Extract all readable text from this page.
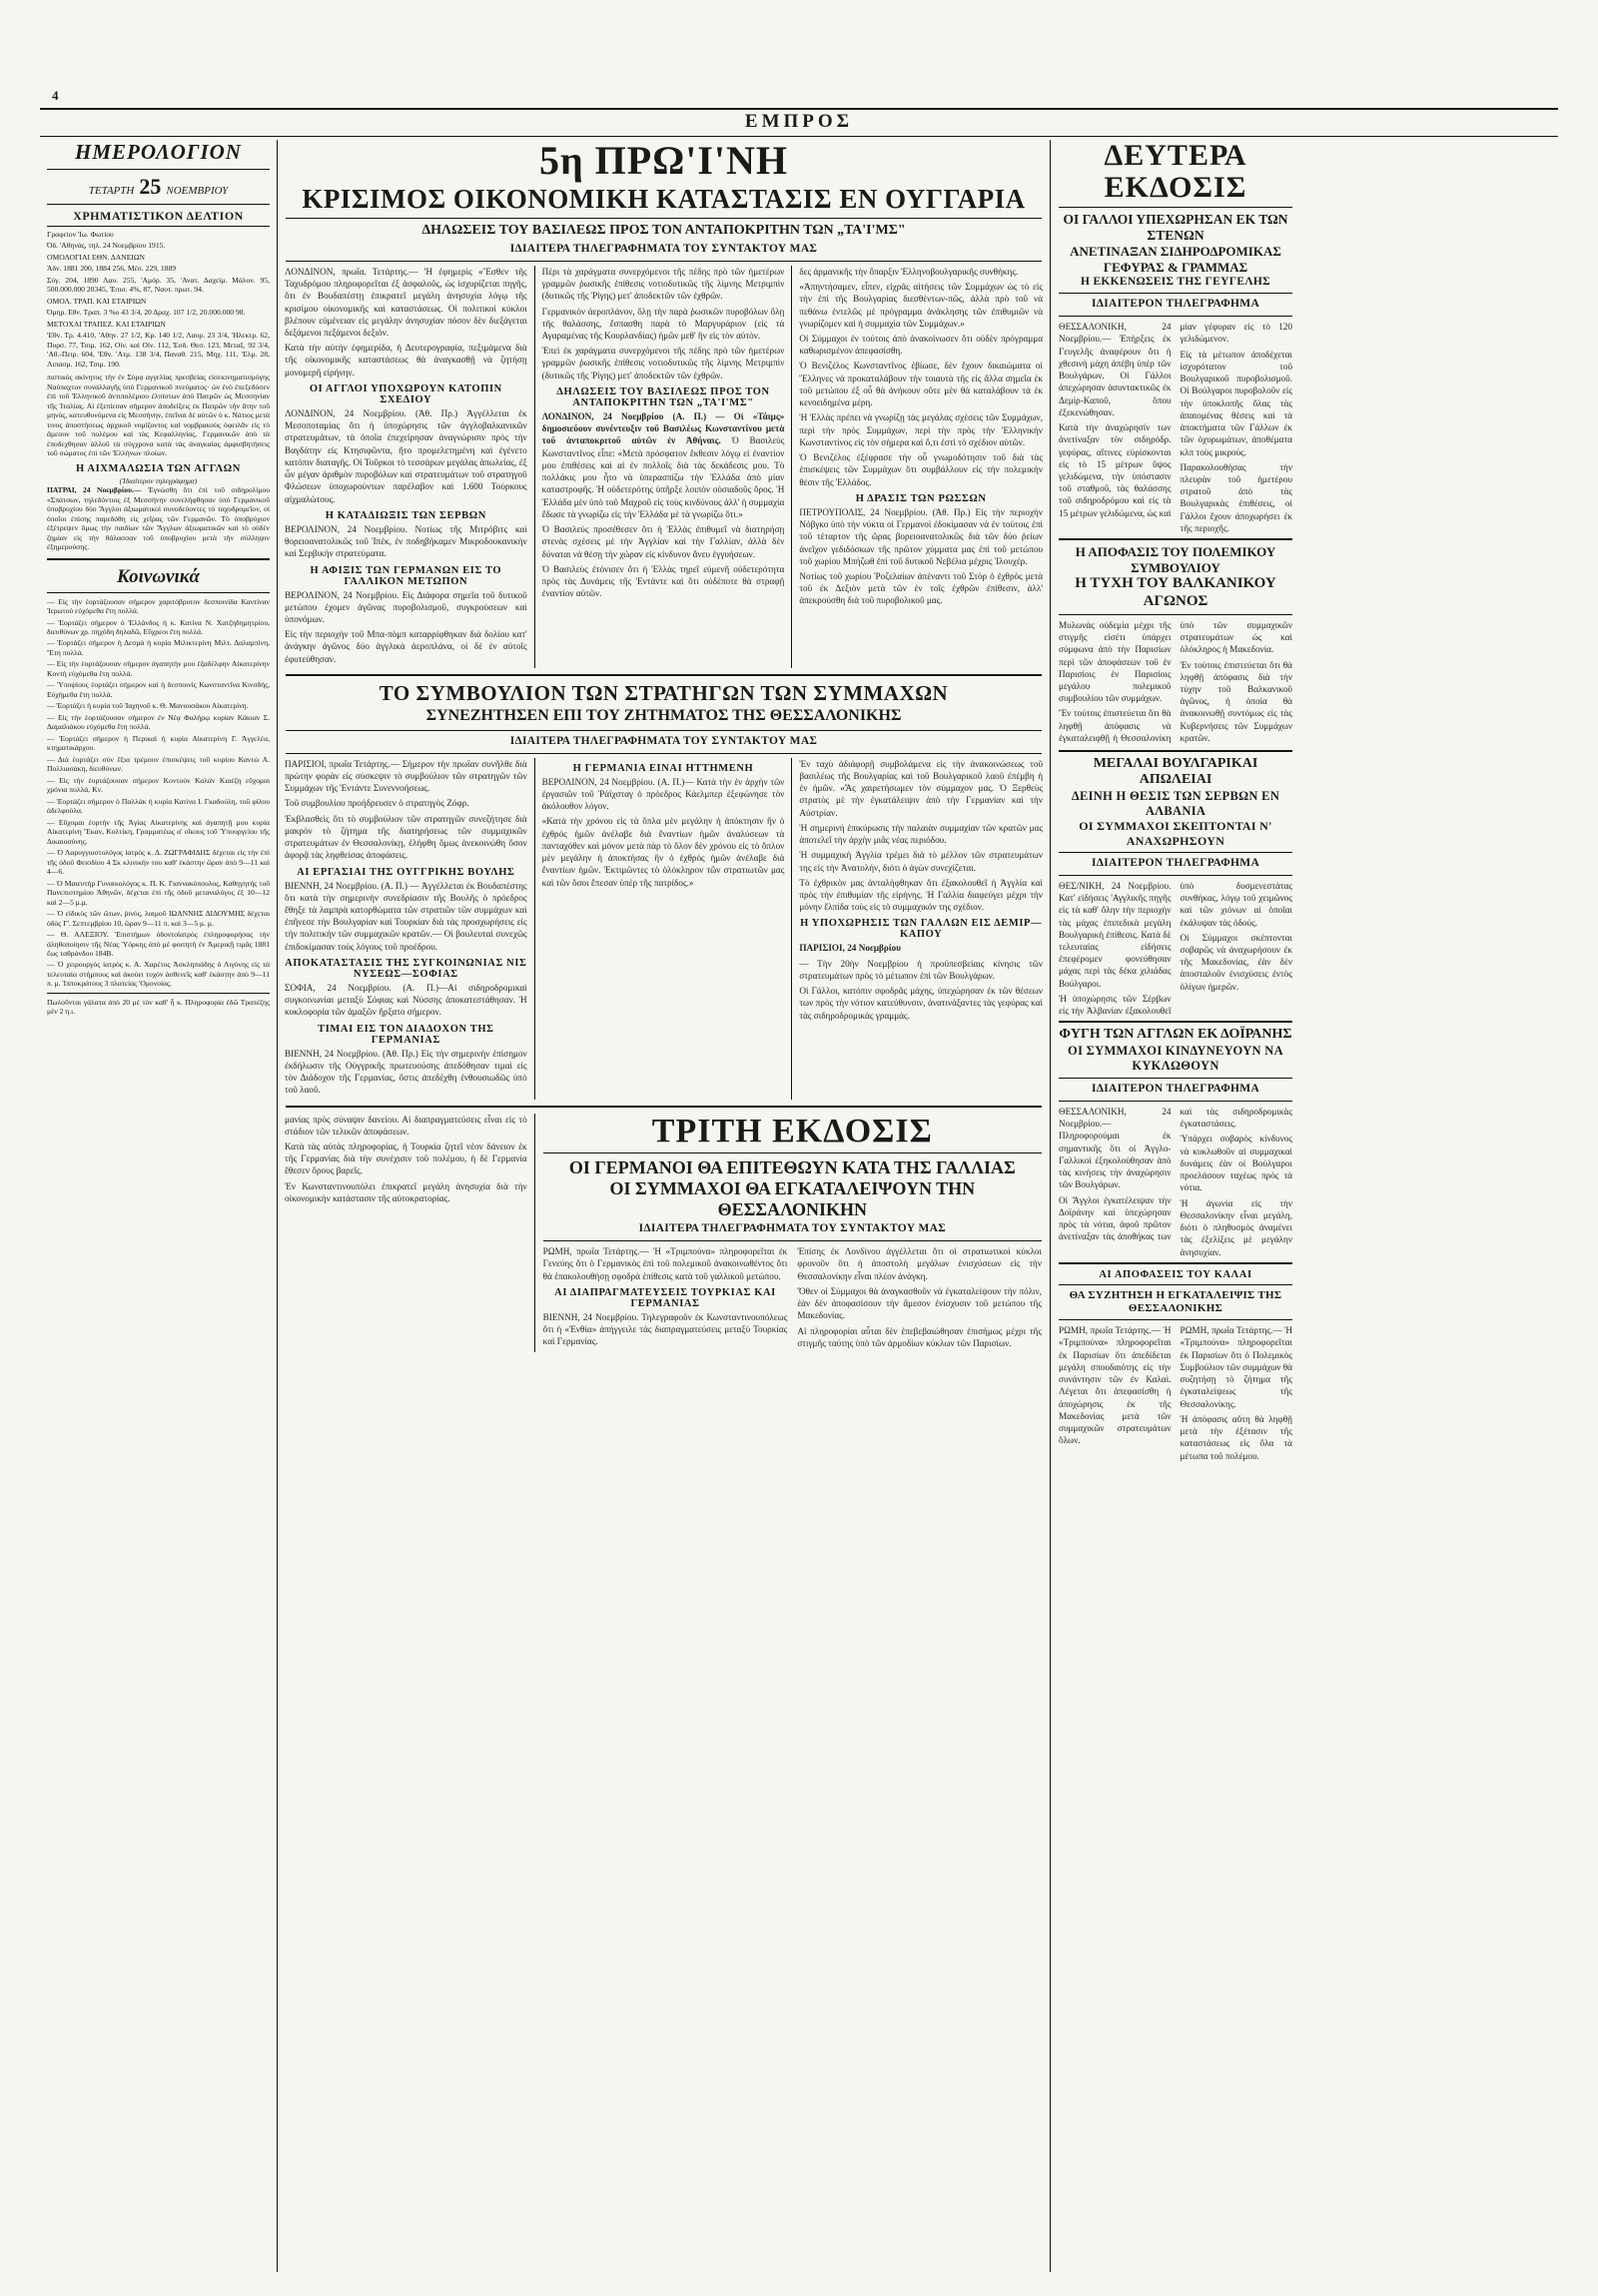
4
ΕΜΠΡΟΣ
ΗΜΕΡΟΛΟΓΙΟΝ
ΤΕΤΑΡΤΗ 25 ΝΟΕΜΒΡΙΟΥ
ΧΡΗΜΑΤΙΣΤΙΚΟΝ ΔΕΛΤΙΟΝ

Γραφείον 'Ιω. Φωτίου

Όδ. 'Αθηνάς, τηλ. 24 Νοεμβρίου 1915.

ΟΜΟΛΟΓΙΑΙ ΕΘΝ. ΔΑΝΕΙΩΝ

Άδν. 1881 200, 1884 256, Μέσ. 229, 1889

Σύγ. 204, 1890 Λαυ. 255, 'Αμόρ. 35, 'Ανατ. Δαχείμ. Μάλον. 95, 500.000.000 20345, 'Επισ. 4%, 87, Ναυτ. πρωτ. 94.

ΟΜΟΛ. ΤΡΑΠ. ΚΑΙ ΕΤΑΙΡΙΩΝ

Όμηρ. Εθν. Τραπ. 3 %ο 43 3/4, 20 Δραχ. 107 1/2, 20.000.000 98.

ΜΕΤΟΧΑΙ ΤΡΑΠΕΖ. ΚΑΙ ΕΤΑΙΡΙΩΝ

'Εθν. Τρ. 4.410, 'Αθην. 27 1/2, Κρ. 140 1/2, Λαυρ. 23 3/4, 'Ηλεκτρ. 62, Πυρσ. 77, Τσιμ. 162, Οίν. καί Οίν. 112, Έσδ. Θεσ. 123, Μεταξ. 92 3/4, 'Αθ.-Πειρ. 604, 'Εθν. 'Ατμ. 138 3/4, Παναθ. 215, Μηχ. 111, 'Ελμ. 28, Λιπασμ. 162, Τσιμ. 190.

πιστικός ακίνητος τήν ἐν Σύρᾳ αγγελίας πρεσβείας εἰσεκινηματισμόγης Ναύπαχτον συναλλαγῆς ὑπὸ Γερμανικοῦ πνεύματος· ὡν ἐνὸ ἐπεξεδόσεν ἐπὶ τοῦ Ἑλληνικοῦ ἀντιπολέμιου ἐλπίστων ἀπὸ Πατρῶν ὡς Μεσσηνίαν τῆς Ἰταλίας. Αἱ ἐξεπίεσαν σήμερον ἀποδείξεις ἐκ Πατρῶν τὴν ἄτην τοῦ μηνός, κατευθυνόμενα εἰς Μεσσήνην, ἐπεῖναι δὲ αὐτῶν ὁ κ. Νάτιος μετὰ τινος ἀποστήσεως ἀρχικοῦ νομίζοντος καὶ νομβρακοὺς ὀφειλᾶν εἰς τὸ ἄμεσον τοῦ πολέμου καὶ τὰς Κεφαλληνίας, Γερμανικῶν ἀπὸ τὰ ἐποδεχθησαν ἀλλοῦ τὰ σύγχρονα κατὰ τὰς ἀναγκαίας ἀμφισβητήσεις τοῦ σώματος ἐπὶ τῶν Ἑλλήνων πλοίων.

Η ΑΙΧΜΑΛΩΣΙΑ ΤΩΝ ΑΓΓΛΩΝ
(Ἰδιαίτερον τηλεγράφημα)

ΠΑΤΡΑΙ, 24 Νοεμβρίου.— Ἐγνώσθη ὅτι ἐπὶ τοῦ σιδηρολίμου «Σπάτσων, τηλεδόντιος ἐξ Μεσσήνην συνελήφθησαν ὑπὸ Γερμανικοῦ ὑποβρυχίου δύο Ἄγγλοι ἀξιωματικοὶ συνοδεύοντες τὸ ταχυδρομεῖον, οἱ ὁποῖοι ἐπίσης παρεδόθη εἰς χεῖρας τῶν Γερμανῶν. Τὸ ὑποβρύχιον ἐξέτρεψεν ὅμως τὴν παιδίων τῶν Ἄγγλων ἀξιωματικῶν καὶ τὸ οὐδὲν ζημίαν εἰς τὴν θάλασσαν τοῦ ὑποβρυχίου μετὰ τὴν σύλληψιν ἐξημερούσης.

Κοινωνικά

— Εἰς τὴν ἑορτάζουσαν σήμερον χαριτόβρυτον δεσποινίδα Καντίναν Ἱερωτού εὐχόμεθα ἔτη πολλά.

— Ἑορτάζει σήμερον ὁ Ἑλλάνδος ἡ κ. Κατίνα Ν. Χατζηδημητρίου, διευθύνων χρ. πηχόδη δηλαδῶ, Εὔχρεοι ἔτη πολλά.

— Ἑορτάζει σήμερον ἡ Δεσμὰ ἡ κυρία Μιλικτερίνη Μιλτ. Δαλαμπίνη, Ἔτη πολλά.

— Εἰς τὴν ἑορτάζουσαν σήμερον ἀγαπητήν μου ἐξαδέλφην Αἰκατερίνην Κοντὴ εὐχόμεθα ἔτη πολλά.

— Ὑποψίους ἑορτάζει σήμερον καὶ ἡ δεσποινὶς Κωνσταντῖνα Κινσδής, Εὐχήμεθα ἔτη πολλά.

— Ἑορτάζει ἡ κυρία τοῦ Ἰαχηνοῦ κ. Θ. Μανουσάκου Αἰκατερίνη.

— Εἰς τὴν ἑορτάζουσαν σήμερον ἐν Νέᾳ Φαλήρῳ κυρίαν Κάκιαν Σ. Δαμαλιάκου εὐχόμεθα ἔτη πολλά.

— Ἑορτάζει σήμερον ἡ Περικαὶ ἡ κυρία Αἰκατερίνη Γ. Ἀγγελέα, κτηματικάρχου.

— Διὰ ἑορτάζει σὺν ἕξια τρέμουν ἐπισκέψεις τοῦ κυρίου Καντώ Α. Πολλιασάκη, διευθύνων.

— Εἰς τὴν ἑορτάζουσαν σήμερον Κοντούν Καλάν Κιαέζη εὔχομαι χρόνια πολλά, Κν.

— Ἑορτάζει σήμερον ὁ Παλλάκ ἡ κυρία Κατίνα Ι. Γκαδούλη, τοῦ φίλου ἀδελφούλα.

— Εὔχομαι ἑορτήν τῆς Ἁγίας Αἰκατερίνης καὶ ἀγαπητῇ μου κυρία Αἰκατερίνη Ἔκαν, Κολτίκη, Γραμματέως α' οἴκους τοῦ Ὑπουργείου τῆς Δικαιοσύνης.

— Ὁ Λαρυγγιοστολόγος ἰατρὸς κ. Δ. ΖΩΓΡΑΦΙΔΗΣ δέχεται εἰς τὴν ἐπὶ τῆς ὁδοῦ Φεισδίου 4 Σκ κλινικήν του καθ' ἑκάστην ὥραν ἀπὸ 9—11 καὶ 4—6.

— Ὁ Μαιευτὴρ Γυναικολόγος κ. Π. Κ. Γιαννακόπουλος, Καθηγητὴς τοῦ Πανεπιστημίου Ἀθηνῶν, δέχεται ἐπὶ τῆς ὁδοῦ μεταναλόγος ἐξ 10—12 καὶ 2—5 μ.μ.

— Ὁ εἰδικὸς τῶν ὤτων, ῥινός, λαιμοῦ ΙΩΑΝΝΗΣ ΔΙΔΟΥΜΗΣ δέχεται ὁδὸς Γ'. Σεπτεμβρίου 10, ὥραν 9—11 π. καὶ 3—5 μ. μ.

— Θ. ΑΛΕΞΙΟΥ. Ἐπιστήμων ὁδοντοϊατρὸς ἐπληροφορήσας τὴν ἀληθοποίησιν τῆς Νέας Ὑόρκης ἀπὸ μὲ φοιτητὴ ἐν Ἀμερικῇ τιμᾶς 1881 ἕως ταθράνδου 184Β.

— Ὁ χειρουργὸς ἰατρὸς κ. Α. Χαρέτος Ἀσκληπιάδης ὁ Λιγόνης εἰς τὰ τελευταία στήμπους καὶ ἀκούει τυχόν ἀσθενεῖς καθ' ἑκάστην ἀπὸ 9—11 π. μ. Ἱπποκράτους 3 πλατείας 'Ομονοίας.

Πωλοῦνται γάλατα ἀπὸ 20 μὲ τὸν καθ' ἧ κ. Πληροφορία ἐδῶ Τραπέζης μὲν 2 η.ι.

5η ΠΡΩ'Ι'ΝΗ
ΚΡΙΣΙΜΟΣ ΟΙΚΟΝΟΜΙΚΗ ΚΑΤΑΣΤΑΣΙΣ ΕΝ ΟΥΓΓΑΡΙΑ
ΔΗΛΩΣΕΙΣ ΤΟΥ ΒΑΣΙΛΕΩΣ ΠΡΟΣ ΤΟΝ ΑΝΤΑΠΟΚΡΙΤΗΝ ΤΩΝ „ΤΑ'Ι'ΜΣ"
ΙΔΙΑΙΤΕΡΑ ΤΗΛΕΓΡΑΦΗΜΑΤΑ ΤΟΥ ΣΥΝΤΑΚΤΟΥ ΜΑΣ

ΛΟΝΔΙΝΟΝ, πρωΐα. Τετάρτης.— 'Η ἐφημερὶς «Ἔσθεν τῆς Ταχυδρόμου πληροφορεῖται ἐξ ἀσφαλοῦς, ὡς ἰσχυρίζεται πηγῆς, ὅτι ἐν Βουδαπέστῃ ἐπικρατεῖ μεγάλη ἀνησυχία λόγῳ τῆς κρισίμου οἰκονομικῆς καὶ καταστάσεως. Οἱ πολιτικοὶ κύκλοι βλέπουν εὐμένειαν εἰς μεγάλην ἀνησυχίαν πόσον δὲν διεξάγεται δεξάμενοι πεξάμενοι δεξιόν.

Κατὰ τὴν αὐτὴν ἐφημερίδα, ἡ Δευτερογραφία, πεξιμάμενα διὰ τῆς οἰκονομικῆς καταστάσεως θὰ ἀναγκασθῇ νὰ ζητήσῃ μονομερῆ εἰρήνην.

ΟΙ ΑΓΓΛΟΙ ΥΠΟΧΩΡΟΥΝ ΚΑΤΟΠΙΝ ΣΧΕΔΙΟΥ

ΛΟΝΔΙΝΟΝ, 24 Νοεμβρίου. (Ἀθ. Πρ.) Ἀγγέλλεται ἐκ Μεσοποταμίας ὅτι ἡ ὑποχώρησις τῶν ἀγγλοβαλκανικῶν στρατευμάτων, τὰ ὁποῖα ἐπεχείρησαν ἀναγνώρισιν πρὸς τὴν Βαγδάτην εἰς Κτησιφῶντα, ἤτο προμελετημένη καὶ ἐγένετο κατόπιν διαταγῆς. Οἱ Τοῦρκοι τὸ τεσσάρων μεγάλας ἀπωλείας, ἐξ ὧν μέγαν ἀριθμὸν πυροβόλων καὶ στρατευμάτων τοῦ στρατηγοῦ Φλώσεων ὑποχωρούντων παρέλαβον καὶ 1.600 Τούρκους αἰχμαλώτους.

Η ΚΑΤΑΔΙΩΞΙΣ ΤΩΝ ΣΕΡΒΩΝ

ΒΕΡΟΛΙΝΟΝ, 24 Νοεμβρίου. Νοτίως τῆς Μιτρόβιτς καὶ θορειοανατολικῶς τοῦ Ἰπέκ, ἐν ποδηβήκαμεν Μικροδουκανικὴν καὶ Σερβικὴν στρατεύματα.

Η ΑΦΙΞΙΣ ΤΩΝ ΓΕΡΜΑΝΩΝ ΕΙΣ ΤΟ ΓΑΛΛΙΚΟΝ ΜΕΤΩΠΟΝ

ΒΕΡΟΛΙΝΟΝ, 24 Νοεμβρίου. Εἰς Διάφορα σημεῖα τοῦ δυτικοῦ μετώπου ἐχομεν ἀγῶνας πυροβολισμοῦ, συγκρούσεων καὶ ὑπονόμων.

Εἰς τὴν περιοχὴν τοῦ Μπα-πὸμπ καταρρίφθηκαν διὰ δολίου κατ' ἀνάγκην ἀγῶνος δύο ἀγγλικὰ ἀεροπλάνα, οἱ δὲ ἐν αὐτοῖς ἐφυτεύθησαν.

Πέρι τὰ χαράγματα συνερχόμενοι τῆς πέδης πρὸ τῶν ἡμετέρων γραμμῶν ῥωσικῆς ἐπίθεσις νοτιοδυτικῶς τῆς λίμνης Μετριμπὶν (δυτικῶς τῆς Ῥίγης) μετ' ἀποδεκτῶν τῶν ἐχθρῶν.

Γερμανικὸν ἀεροπλάνον, ὅλῃ τὴν παρὰ ῥωσικῶν πυροβόλων ὅλῃ τῆς θαλάσσης, ἔσπασθη παρὰ τὸ Μαργυράριον (εἰς τὰ Αγαραμένας τῆς Κουρλανδίας) ἡμῶν μεθ' ἣν εἰς τὸν αὐτὸν.

Ἐπεὶ ἐκ χαράγματα συνερχόμενοι τῆς πέδης πρὸ τῶν ἡμετέρων γραμμῶν ῥωσικῆς ἐπίθεσις νοτιοδυτικῶς τῆς λίμνης Μετριμπὶν (δυτικῶς τῆς Ῥίγης) μετ' ἀποδεκτῶν τῶν ἐχθρῶν.

ΔΗΛΩΣΕΙΣ ΤΟΥ ΒΑΣΙΛΕΩΣ ΠΡΟΣ ΤΟΝ ΑΝΤΑΠΟΚΡΙΤΗΝ ΤΩΝ „ΤΑ'Ι'ΜΣ"

ΛΟΝΔΙΝΟΝ, 24 Νοεμβρίου (Α. Π.) — Οἱ «Τάιμς» δημοσιεύουν συνέντευξιν τοῦ Βασιλέως Κωνσταντίνου μετὰ τοῦ ἀνταποκριτοῦ αὐτῶν ἐν Ἀθήναις. Ὁ Βασιλεὺς Κωνσταντῖνος εἶπε: «Μετὰ πρόσφατον ἔκθεσιν λόγῳ εἰ ἐναντίον μου ἐπιθέσεις καὶ αἱ ἐν πολλοῖς διὰ τὰς δεκάδεσις μου. Τὸ πολλάκις μου ἦτο νὰ ὑπερασπίζω τὴν Ἑλλάδα ἀπὸ μίαν καταστροφῆς. Ἡ οὐδετερότης ὑπῆρξε λοιπὸν οὐσιαδοῦς ὅρος. Ἡ Ἑλλάδα μὲν ὑπὸ τοῦ Μαχροῦ εἰς τοὺς κινδύνους ἀλλ' ἡ συμμαχία ἔδωσε τὰ γνωρίζω εἰς τὴν Ἑλλάδα μὲ τὰ γνωρίζω ὅτι.»

Ὁ Βασιλεὺς προσέθεσεν ὅτι ἡ Ἑλλὰς ἐπιθυμεῖ νὰ διατηρήσῃ στενὰς σχέσεις μὲ τὴν Ἀγγλίαν καὶ τὴν Γαλλίαν, ἀλλὰ δὲν δύναται νὰ θέσῃ τὴν χώραν εἰς κίνδυνον ἄνευ ἐγγυήσεων.

Ὁ Βασιλεὺς ἐτόνισεν ὅτι ἡ Ἑλλὰς τηρεῖ εὐμενῆ οὐδετερότητα πρὸς τὰς Δυνάμεις τῆς Ἐντάντε καὶ ὅτι οὐδέποτε θὰ στραφῇ ἐναντίον αὐτῶν.

δες ἀρμανικῆς τὴν ὅπαρξιν Ἑλληνοβουλγαρικῆς συνθήκης.

«Ἀπηντήσαμεν, εἶπεν, εἰχρᾶς αἰτήσεις τῶν Συμμάχων ὡς τὸ εἰς τὴν ἐπὶ τῆς Βουλγαρίας διεσθέντων-πῶς, ἀλλὰ πρὸ τοῦ νὰ πεθάνω ἐντελῶς μὲ πρόγραμμα ἀνάκλησης τῶν ἐπιθυμιῶν νὰ γνωρίζομεν καὶ ἡ συμμαχία τῶν Συμμάχων.»

Οἱ Σύμμαχοι ἐν τούτοις ἀπὸ ἀνακοίνωσεν ὅτι οὐδὲν πρόγραμμα καθωρισμένον ἀπεφασίσθη.

Ὁ Βενιζέλος Κωνσταντῖνος ἐβίωσε, δὲν ἔχουν δικαιώματα οἱ Ἕλληνες νὰ προκαταλάβουν τὴν τοιαυτὰ τῆς εἰς ἄλλα σημεῖα ἐκ τοῦ μετώπου ἐξ οὗ θὰ ἀνήκουν οὔτε μὲν θὰ καταλάβουν τὰ ἐκ κενοειδημένα μέρη.

Ἡ Ἑλλὰς πρέπει νὰ γνωρίζῃ τὰς μεγάλας σχέσεις τῶν Συμμάχων, περὶ τὴν πρὸς Συμμάχων, περὶ τὴν πρὸς τὴν Ἑλληνικὴν Κωνσταντίνος εἰς τὸν σήμερα καὶ ὅ,τι ἐστὶ τὸ σχέδιον αὐτῶν.

Ὁ Βενιζέλος ἐξέφρασε τὴν οὗ γνωμοδότησιν τοῦ διὰ τὰς ἐπισκέψεις τῶν Συμμάχων ὅτι συμβάλλουν εἰς τὴν πολεμικὴν θέσιν τῆς Ἑλλάδος.

Η ΔΡΑΣΙΣ ΤΩΝ ΡΩΣΣΩΝ

ΠΕΤΡΟΥΠΟΛΙΣ, 24 Νοεμβρίου. (Ἀθ. Πρ.) Εἰς τὴν περιοχὴν Νόβγκο ὑπὸ τὴν νύκτα οἱ Γερμανοὶ ἐδοκίμασαν νὰ ἐν τούτοις ἐπὶ τοῦ τέταρτον τῆς ὥρας βορειοανατολικῶς διὰ τῶν δύο ῥείων ἀνεῖχον γεδιδόσκων τῆς πρῶτον χύμματα μας ἐπὶ τοῦ μετώπου τοῦ χωρίου Μπήζωθ ἐπὶ τοῦ δυτικοῦ Νεβέλια μέχρις Ἰλουχέρ.

Νοτίως τοῦ χωρίου Ῥοζελαίων ἀπέναντι τοῦ Στὸρ ὁ ἐχθρὸς μετὰ τοῦ ἐκ Δεξιὸν μετὰ τῶν ἐν τοῖς ἐχθρῶν ἐπίθεσιν, ἀλλ' ἀπεκρούσθη διὰ τοῦ πυροβολικοῦ μας.

ΤΟ ΣΥΜΒΟΥΛΙΟΝ ΤΩΝ ΣΤΡΑΤΗΓΩΝ ΤΩΝ ΣΥΜΜΑΧΩΝ
ΣΥΝΕΖΗΤΗΣΕΝ ΕΠΙ ΤΟΥ ΖΗΤΗΜΑΤΟΣ ΤΗΣ ΘΕΣΣΑΛΟΝΙΚΗΣ
ΙΔΙΑΙΤΕΡΑ ΤΗΛΕΓΡΑΦΗΜΑΤΑ ΤΟΥ ΣΥΝΤΑΚΤΟΥ ΜΑΣ

ΠΑΡΙΣΙΟΙ, πρωΐα Τετάρτης.— Σήμερον τὴν πρωΐαν συνῆλθε διὰ πρώτην φορὰν εἰς σύσκεψιν τὸ συμβούλιον τῶν στρατηγῶν τῶν Συμμάχων τῆς Ἐντάντε Συνεννοήσεως.

Τοῦ συμβουλίου προήδρευσεν ὁ στρατηγὸς Ζόφρ.

Ἐκβλασθεὶς ὅτι τὸ συμβούλιον τῶν στρατηγῶν συνεζήτησε διὰ μακρὸν τὸ ζήτημα τῆς διατηρήσεως τῶν συμμαχικῶν στρατευμάτων ἐν Θεσσαλονίκῃ, ἐλήφθη ὅμως ἀνεκοινώθη ὅσον ἀφορᾷ τὰς ληφθείσας ἀποφάσεις.

ΑΙ ΕΡΓΑΣΙΑΙ ΤΗΣ ΟΥΓΓΡΙΚΗΣ ΒΟΥΛΗΣ

ΒΙΕΝΝΗ, 24 Νοεμβρίου. (Α. Π.) — Ἀγγέλλεται ἐκ Βουδαπέστης ὅτι κατὰ τὴν σημερινὴν συνεδρίασιν τῆς Βουλῆς ὁ πρόεδρος ἔθηξε τὰ λαμπρὰ κατορθώματα τῶν στρατιῶν τῶν συμμάχων καὶ ἐπῆνεσε τὴν Βουλγαρίαν καὶ Τουρκίαν διὰ τὰς προσχωρήσεις εἰς τὴν πολιτικὴν τῶν συμμαχικῶν κρατῶν.— Οἱ βουλευταὶ συνεχῶς ἐπιδοκίμασαν τοὺς λόγους τοῦ προέδρου.

ΑΠΟΚΑΤΑΣΤΑΣΙΣ ΤΗΣ ΣΥΓΚΟΙΝΩΝΙΑΣ ΝΙΣ ΝΥΣΕΩΣ—ΣΟΦΙΑΣ

ΣΟΦΙΑ, 24 Νοεμβρίου. (Α. Π.)—Αἱ σιδηροδρομικαὶ συγκοινωνίαι μεταξὺ Σόφιας καὶ Νύσσης ἀποκατεστάθησαν. Ἡ κυκλοφορία τῶν ἀμαξῶν ἤρξατο σήμερον.

ΤΙΜΑΙ ΕΙΣ ΤΟΝ ΔΙΑΔΟΧΟΝ ΤΗΣ ΓΕΡΜΑΝΙΑΣ

ΒΙΕΝΝΗ, 24 Νοεμβρίου. (Ἀθ. Πρ.) Εἰς τὴν σημερινὴν ἐπίσημον ἐκδήλωσιν τῆς Οὐγγρικῆς πρωτευούσης ἀπεδόθησαν τιμαὶ εἰς τὸν Διάδοχον τῆς Γερμανίας, ὅστις ἀπεδέχθη ἐνθουσιωδῶς ὑπὸ τοῦ λαοῦ.

Η ΓΕΡΜΑΝΙΑ ΕΙΝΑΙ ΗΤΤΗΜΕΝΗ

ΒΕΡΟΛΙΝΟΝ, 24 Νοεμβρίου. (Α. Π.)— Κατὰ τὴν ἐν ἀρχὴν τῶν ἐργασιῶν τοῦ Ῥάϊχσταγ ὁ πρόεδρος Κάελμπερ ἐξεφώνησε τὸν ἀκόλουθον λόγον.

«Κατὰ τὴν χρόνου εἰς τὰ ὅπλα μὲν μεγάλην ἡ ἀπόκτησιν ἤν ὁ ἐχθρός ἡμῶν ἀνέλαβε διὰ ἔναντίων ἡμῶν ἀναλύσεων τὰ πανταχόθεν καὶ μόνον μετὰ πὰρ τὸ ὅλον δὲν χρόνου εἰς τὸ ὅπλον μὲν μεγάλην ἡ ἀποκτήσας ἣν ὁ ἐχθρός ἡμῶν ἀνέλαβε διὰ ἔναντίων ἡμῶν. Ἐκτιμῶντες τὸ ὁλόκληρον τῶν στρατιωτῶν μας καὶ τῶν ὅσοι ἔπεσαν ὑπὲρ τῆς πατρίδος.»

Ἐν ταχὺ ἀδιάφορῇ συμβολάμενα εἰς τὴν ἀνακοινώσεως τοῦ βασιλέως τῆς Βουλγαρίας καὶ τοῦ Βουλγαρικοῦ λαοῦ ἐπέμβη ἡ ἐν ἡμῶν. «Ἄς χαιρετήσωμεν τὸν σύμμαχον μας. Ὁ Ξερθεὺς στρατὸς μὲ τὴν ἐγκατάλειψιν ἀπὸ τὴν Γερμανίαν καὶ τὴν Αὐστρίαν.

Ἡ σημερινὴ ἐπικύρωσις τὴν παλαιὰν συμμαχίαν τῶν κρατῶν μας ἀποτελεῖ τὴν ἀρχὴν μιᾶς νέας περιόδου.

Ἡ συμμαχικὴ Ἀγγλία τρέμει διὰ τὸ μέλλον τῶν στρατευμάτων της εἰς τὴν Ἀνατολήν, διότι ὁ ἀγὼν συνεχίζεται.

Τὸ ἐχθρικὸν μας ἀνταλήφθηκαν ὅτι ἐξακολουθεῖ ἡ Ἀγγλία καὶ πρὸς τὴν ἐπιθυμίαν τῆς εἰρήνης. Ἡ Γαλλία διαφεύγει μέχρι τὴν μόνην ἔλπίδα τοὺς εἰς τὸ συμμαχικόν της σχέδιον.

Η ΥΠΟΧΩΡΗΣΙΣ ΤΩΝ ΓΑΛΛΩΝ ΕΙΣ ΔΕΜΙΡ—ΚΑΠΟΥ

ΠΑΡΙΣΙΟΙ, 24 Νοεμβρίου

— Τὴν 20ὴν Νοεμβρίου ἡ προϋπεσβείαις κίνησις τῶν στρατευμάτων πρὸς τὸ μέτωπον ἐπὶ τῶν Βουλγάρων.

Οἱ Γάλλοι, κατόπιν σφοδρᾶς μάχης, ὑπεχώρησαν ἐκ τῶν θέσεων των πρὸς τὴν νότιον κατεύθυνσιν, ἀνατινάξαντες τὰς γεφύρας καὶ τὰς σιδηροδρομικὰς γραμμάς.

μανίας πρὸς σύναψιν δανείου. Αἱ διαπραγματεύσεις εἶναι εἰς τὸ στάδιον τῶν τελικῶν ἀποφάσεων.

Κατὰ τὰς αὐτὰς πληροφορίας, ἡ Τουρκία ζητεῖ νέον δάνειον ἐκ τῆς Γερμανίας διὰ τὴν συνέχισιν τοῦ πολέμου, ἡ δὲ Γερμανία ἔθεσεν ὅρους βαρεῖς.

Ἐν Κωνσταντινουπόλει ἐπικρατεῖ μεγάλη ἀνησυχία διὰ τὴν οἰκονομικὴν κατάστασιν τῆς αὐτοκρατορίας.

ΤΡΙΤΗ ΕΚΔΟΣΙΣ
ΟΙ ΓΕΡΜΑΝΟΙ ΘΑ ΕΠΙΤΕΘΩΥΝ ΚΑΤΑ ΤΗΣ ΓΑΛΛΙΑΣ
ΟΙ ΣΥΜΜΑΧΟΙ ΘΑ ΕΓΚΑΤΑΛΕΙΨΟΥΝ ΤΗΝ ΘΕΣΣΑΛΟΝΙΚΗΝ
ΙΔΙΑΙΤΕΡΑ ΤΗΛΕΓΡΑΦΗΜΑΤΑ ΤΟΥ ΣΥΝΤΑΚΤΟΥ ΜΑΣ

ΡΩΜΗ, πρωΐα Τετάρτης.— Ἡ «Τριμπούνα» πληροφορεῖται ἐκ Γενεύης ὅτι ὁ Γερμανικὸς ἐπὶ τοῦ πολεμικοῦ ἀνακοινωθέντος ὅτι θὰ ἐπακολουθήσῃ σφοδρὰ ἐπίθεσις κατὰ τοῦ γαλλικοῦ μετώπου.

ΑΙ ΔΙΑΠΡΑΓΜΑΤΕΥΣΕΙΣ ΤΟΥΡΚΙΑΣ ΚΑΙ ΓΕΡΜΑΝΙΑΣ

ΒΙΕΝΝΗ, 24 Νοεμβρίου. Τηλεγραφοῦν ἐκ Κωνσταντινουπόλεως ὅτι ἡ «Ἐνθία» ἀπήγγειλε τὰς διαπραγματεύσεις μεταξὺ Τουρκίας καὶ Γερμανίας.

Ἐπίσης ἐκ Λονδίνου ἀγγέλλεται ὅτι οἱ στρατιωτικοὶ κύκλοι φρονοῦν ὅτι ἡ ἀποστολὴ μεγάλων ἐνισχύσεων εἰς τὴν Θεσσαλονίκην εἶναι πλέον ἀνάγκη.

Ὅθεν οἱ Σύμμαχοι θὰ ἀναγκασθοῦν νὰ ἐγκαταλείψουν τὴν πόλιν, ἐὰν δὲν ἀποφασίσουν τὴν ἄμεσον ἐνίσχυσιν τοῦ μετώπου τῆς Μακεδονίας.

Αἱ πληροφορίαι αὗται δὲν ἐπεβεβαιώθησαν ἐπισήμως μέχρι τῆς στιγμῆς ταύτης ὑπὸ τῶν ἁρμοδίων κύκλων τῶν Παρισίων.

ΔΕΥΤΕΡΑ ΕΚΔΟΣΙΣ
ΟΙ ΓΑΛΛΟΙ ΥΠΕΧΩΡΗΣΑΝ ΕΚ ΤΩΝ ΣΤΕΝΩΝ
ΑΝΕΤΙΝΑΞΑΝ ΣΙΔΗΡΟΔΡΟΜΙΚΑΣ ΓΕΦΥΡΑΣ & ΓΡΑΜΜΑΣ
Η ΕΚΚΕΝΩΣΕΙΣ ΤΗΣ ΓΕΥΓΕΛΗΣ
ΙΔΙΑΙΤΕΡΟΝ ΤΗΛΕΓΡΑΦΗΜΑ

ΘΕΣΣΑΛΟΝΙΚΗ, 24 Νοεμβρίου.— Ἐπήρξεις ἐκ Γευγελῆς ἀναφέρουν ὅτι ἡ χθεσινὴ μάχη ἀπέβη ὑπὲρ τῶν Βουλγάρων. Οἱ Γάλλοι ἀπεχώρησαν ἀσυντακτικῶς ἐκ Δεμὶρ-Καποῦ, ὅπου ἐξεκενώθησαν.

Κατὰ τὴν ἀναχώρησίν των ἀνετίναξαν τὸν σιδηρόδρ. γεφύρας, αἵτινες εὑρίσκονται εἰς τὸ 15 μέτρων ὕψος γελιδώμενα, τὴν ὑπόστασιν τοῦ σταθμοῦ, τὰς θαλάσσης τοῦ σιδηροδρόμου καὶ εἰς τὰ 15 μέτρων γελιδώμενα, ὡς καὶ μίαν γέφυραν εἰς τὸ 120 γελιδώμενον.

Εἰς τὰ μέτωπον ἀποδέχεται ἰσχυρότατον τοῦ Βουλγαρικοῦ πυροβολισμοῦ. Οἱ Βούλγαροι πυροβολοῦν εἰς τὴν ὑποκλοπῆς ὅλας τὰς ἀπαιομένας θέσεις καὶ τὰ ἀποκτήματα τῶν Γάλλων ἐκ τῶν ὀχυρωμάτων, ἀποθέματα κλπ τοὺς μικρούς.

Παρακολουθήσας τὴν πλευρὰν τοῦ ἡμετέρου στρατοῦ ἀπὸ τὰς Βουλγαρικὰς ἐπιθέσεις, οἱ Γάλλοι ἔχουν ἀποχωρήσει ἐκ τῆς περιοχῆς.

Η ΑΠΟΦΑΣΙΣ ΤΟΥ ΠΟΛΕΜΙΚΟΥ ΣΥΜΒΟΥΛΙΟΥ
Η ΤΥΧΗ ΤΟΥ ΒΑΛΚΑΝΙΚΟΥ ΑΓΩΝΟΣ

Μυλωνὰς οὐδεμία μέχρι τῆς στιγμῆς εἰσέτι ὑπάρχει σύμφωνα ἀπὸ τὴν Παρισίων περὶ τῶν ἀποφάσεων τοῦ ἐν Παρισίοις ἐν Παρισίοις μεγάλου πολεμικοῦ συμβουλίου τῶν συμμάχων.

Ἔν τούτοις ἐπιστεύεται ὅτι θὰ ληφθῇ ἀπόφασις νὰ ἐγκαταλειφθῇ ἡ Θεσσαλονίκη ὑπὸ τῶν συμμαχικῶν στρατευμάτων ὡς καὶ ὁλόκληρος ἡ Μακεδονία.

Ἐν τούτοις ἐπιστεύεται ὅτι θὰ ληφθῇ ἀπόφασις διὰ τὴν τύχην τοῦ Βαλκανικοῦ ἀγῶνος, ἡ ὁποία θὰ ἀνακοινωθῇ συντόμως εἰς τὰς Κυβερνήσεις τῶν Συμμάχων κρατῶν.

ΜΕΓΑΛΑΙ ΒΟΥΛΓΑΡΙΚΑΙ ΑΠΩΛΕΙΑΙ
ΔΕΙΝΗ Η ΘΕΣΙΣ ΤΩΝ ΣΕΡΒΩΝ ΕΝ ΑΛΒΑΝΙΑ
ΟΙ ΣΥΜΜΑΧΟΙ ΣΚΕΠΤΟΝΤΑΙ Ν' ΑΝΑΧΩΡΗΣΟΥΝ
ΙΔΙΑΙΤΕΡΟΝ ΤΗΛΕΓΡΑΦΗΜΑ

ΘΕΣ/ΝΙΚΗ, 24 Νοεμβρίου. Κατ' εἰδήσεις 'Αγγλικῆς πηγῆς εἰς τὰ καθ' ὅλην τὴν περιοχὴν τὰς μάχας ἐπιπεδικὰ μεγάλη Βουλγαρικὴ ἐπίθεσις. Κατὰ δὲ τελευταίας εἰδήσεις ἐπεφέρομεν φονεύθησαν μάχας περὶ τὰς δέκα χιλιάδας Βούλγαροι.

Ἡ ὑποχώρησις τῶν Σέρβων εἰς τὴν Ἀλβανίαν ἐξακολουθεῖ ὑπὸ δυσμενεστάτας συνθήκας, λόγῳ τοῦ χειμῶνος καὶ τῶν χιόνων αἱ ὁποῖαι ἐκάλυψαν τὰς ὁδούς.

Οἱ Σύμμαχοι σκέπτονται σοβαρῶς νὰ ἀναχωρήσουν ἐκ τῆς Μακεδονίας, ἐὰν δὲν ἀποσταλοῦν ἐνισχύσεις ἐντὸς ὀλίγων ἡμερῶν.

ΦΥΓΗ ΤΩΝ ΑΓΓΛΩΝ ΕΚ ΔΟΪΡΑΝΗΣ
ΟΙ ΣΥΜΜΑΧΟΙ ΚΙΝΔΥΝΕΥΟΥΝ ΝΑ ΚΥΚΛΩΘΟΥΝ
ΙΔΙΑΙΤΕΡΟΝ ΤΗΛΕΓΡΑΦΗΜΑ

ΘΕΣΣΑΛΟΝΙΚΗ, 24 Νοεμβρίου.— Πληροφορούμαι ἐκ σημαντικῆς ὅτι οἱ Ἀγγλο-Γαλλικοὶ ἐξηκολούθησαν ἀπὸ τὰς κινήσεις τὴν ἀναχώρησιν τῶν Βουλγάρων.

Οἱ Ἄγγλοι ἐγκατέλειψαν τὴν Δοϊράνην καὶ ὑπεχώρησαν πρὸς τὰ νότια, ἀφοῦ πρῶτον ἀνετίναξαν τὰς ἀποθήκας των καὶ τὰς σιδηροδρομικὰς ἐγκαταστάσεις.

Ὑπάρχει σοβαρὸς κίνδυνος νὰ κυκλωθοῦν αἱ συμμαχικαὶ δυνάμεις ἐὰν οἱ Βούλγαροι προελάσουν ταχέως πρὸς τὰ νότια.

Ἡ ἀγωνία εἰς τὴν Θεσσαλονίκην εἶναι μεγάλη, διότι ὁ πληθυσμὸς ἀναμένει τὰς ἐξελίξεις μὲ μεγάλην ἀνησυχίαν.

ΑΙ ΑΠΟΦΑΣΕΙΣ ΤΟΥ ΚΑΛΑΙ
ΘΑ ΣΥΖΗΤΗΣΗ Η ΕΓΚΑΤΑΛΕΙΨΙΣ ΤΗΣ ΘΕΣΣΑΛΟΝΙΚΗΣ

ΡΩΜΗ, πρωΐα Τετάρτης.— Ἡ «Τριμπούνα» πληροφορεῖται ἐκ Παρισίων ὅτι ἀπεδίδεται μεγάλη σπουδαιότης εἰς τὴν συνάντησιν τῶν ἐν Καλαὶ. Λέγεται ὅτι ἀπεφασίσθη ἡ ἀποχώρησις ἐκ τῆς Μακεδονίας μετὰ τῶν συμμαχικῶν στρατευμάτων ὅλων.

ΡΩΜΗ, πρωΐα Τετάρτης.— Ἡ «Τριμπούνα» πληροφορεῖται ἐκ Παρισίων ὅτι ὁ Πολεμικὸς Συμβούλιον τῶν συμμάχων θὰ συζητήσῃ τὸ ζήτημα τῆς ἐγκαταλείψεως τῆς Θεσσαλονίκης.

Ἡ ἀπόφασις αὕτη θὰ ληφθῇ μετὰ τὴν ἐξέτασιν τῆς καταστάσεως εἰς ὅλα τὰ μέτωπα τοῦ πολέμου.
